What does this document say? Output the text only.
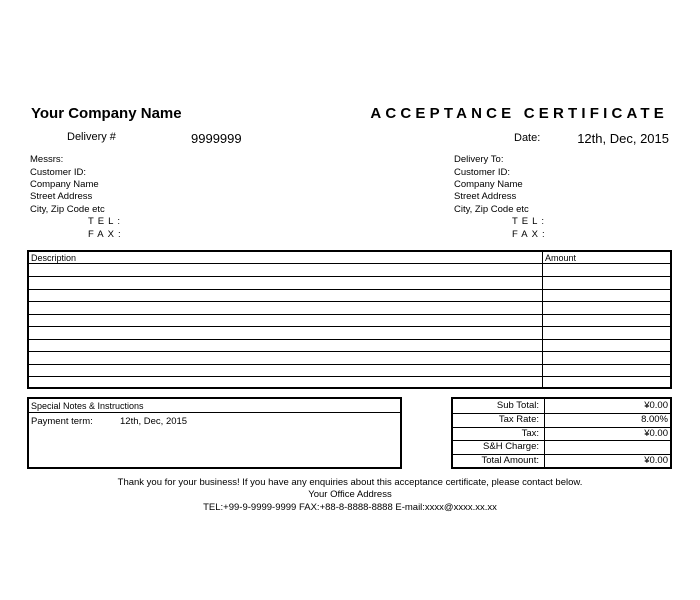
Your Company Name	ACCEPTANCE CERTIFICATE
Delivery #	9999999	Date:	12th, Dec, 2015
Messrs:
Customer ID:
Company Name
Street Address
City, Zip Code etc
TEL:
FAX:
Delivery To:
Customer ID:
Company Name
Street Address
City, Zip Code etc
TEL:
FAX:
Description	Amount
Special Notes & Instructions
Payment term:	12th, Dec, 2015
Sub Total:	¥0.00
Tax Rate:	8.00%
Tax:	¥0.00
S&H Charge:
Total Amount:	¥0.00
Thank you for your business! If you have any enquiries about this acceptance certificate, please contact below.
Your Office Address
TEL:+99-9-9999-9999 FAX:+88-8-8888-8888 E-mail:xxxx@xxxx.xx.xx
